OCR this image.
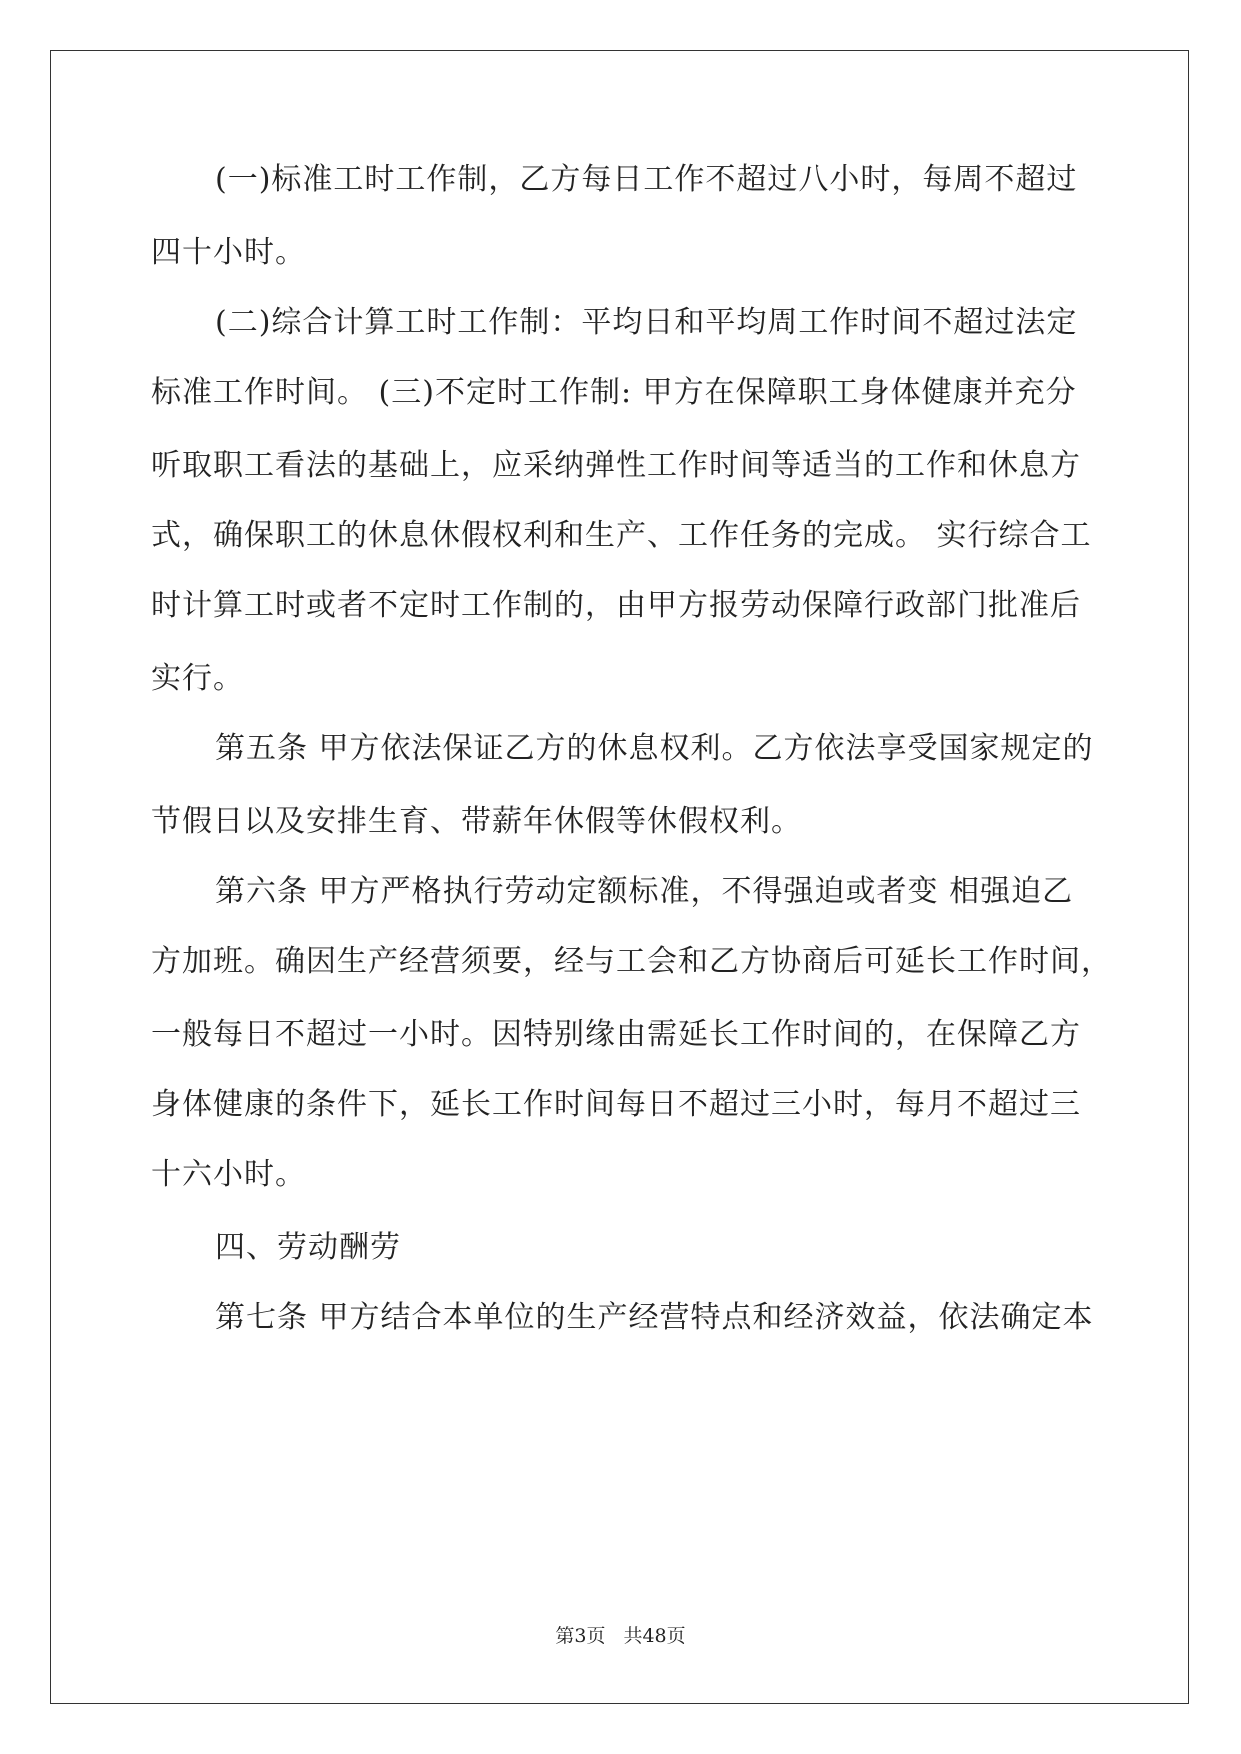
(一)标准工时工作制，乙方每日工作不超过八小时，每周不超过
四十小时。
(二)综合计算工时工作制：平均日和平均周工作时间不超过法定
标准工作时间。 (三)不定时工作制: 甲方在保障职工身体健康并充分
听取职工看法的基础上，应采纳弹性工作时间等适当的工作和休息方
式，确保职工的休息休假权利和生产、工作任务的完成。 实行综合工
时计算工时或者不定时工作制的，由甲方报劳动保障行政部门批准后
实行。
第五条 甲方依法保证乙方的休息权利。乙方依法享受国家规定的
节假日以及安排生育、带薪年休假等休假权利。
第六条 甲方严格执行劳动定额标准，不得强迫或者变 相强迫乙
方加班。确因生产经营须要，经与工会和乙方协商后可延长工作时间，
一般每日不超过一小时。因特别缘由需延长工作时间的，在保障乙方
身体健康的条件下，延长工作时间每日不超过三小时，每月不超过三
十六小时。
四、劳动酬劳
第七条 甲方结合本单位的生产经营特点和经济效益，依法确定本
第3页 共48页
